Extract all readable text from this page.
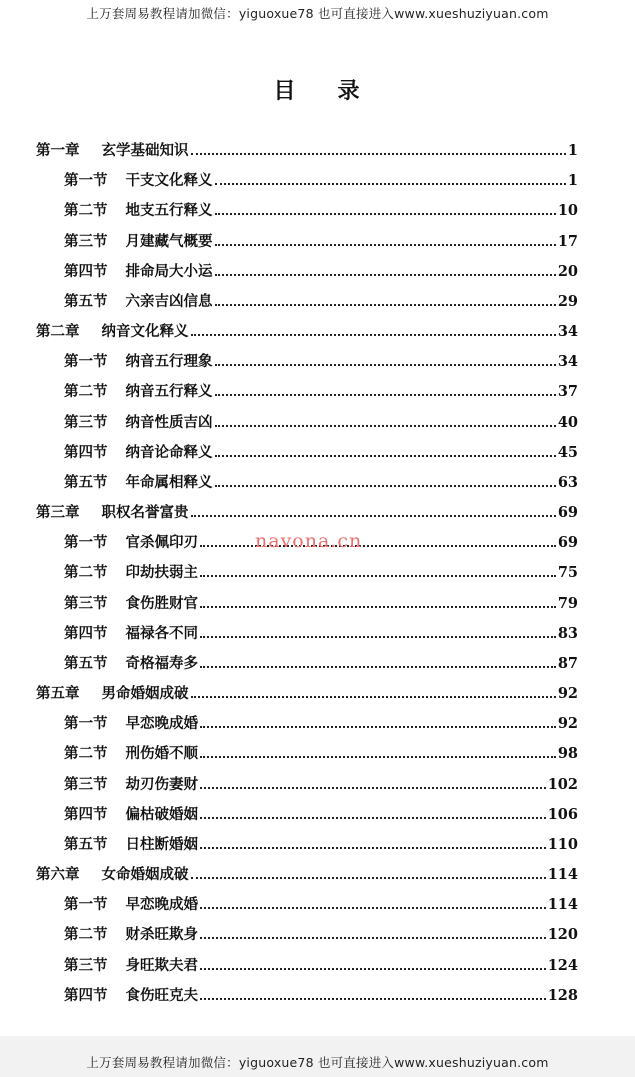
上万套周易教程请加微信：yiguoxue78 也可直接进入www.xueshuziyuan.com
目 录
第一章 玄学基础知识	1
第一节 干支文化释义	1
第二节 地支五行释义	10
第三节 月建藏气概要	17
第四节 排命局大小运	20
第五节 六亲吉凶信息	29
第二章 纳音文化释义	34
第一节 纳音五行理象	34
第二节 纳音五行释义	37
第三节 纳音性质吉凶	40
第四节 纳音论命释义	45
第五节 年命属相释义	63
第三章 职权名誉富贵	69
第一节 官杀佩印刃	69
第二节 印劫扶弱主	75
第三节 食伤胜财官	79
第四节 福禄各不同	83
第五节 奇格福寿多	87
第五章 男命婚姻成破	92
第一节 早恋晚成婚	92
第二节 刑伤婚不顺	98
第三节 劫刃伤妻财	102
第四节 偏枯破婚姻	106
第五节 日柱断婚姻	110
第六章 女命婚姻成破	114
第一节 早恋晚成婚	114
第二节 财杀旺欺身	120
第三节 身旺欺夫君	124
第四节 食伤旺克夫	128
navona.cn
上万套周易教程请加微信：yiguoxue78 也可直接进入www.xueshuziyuan.com
